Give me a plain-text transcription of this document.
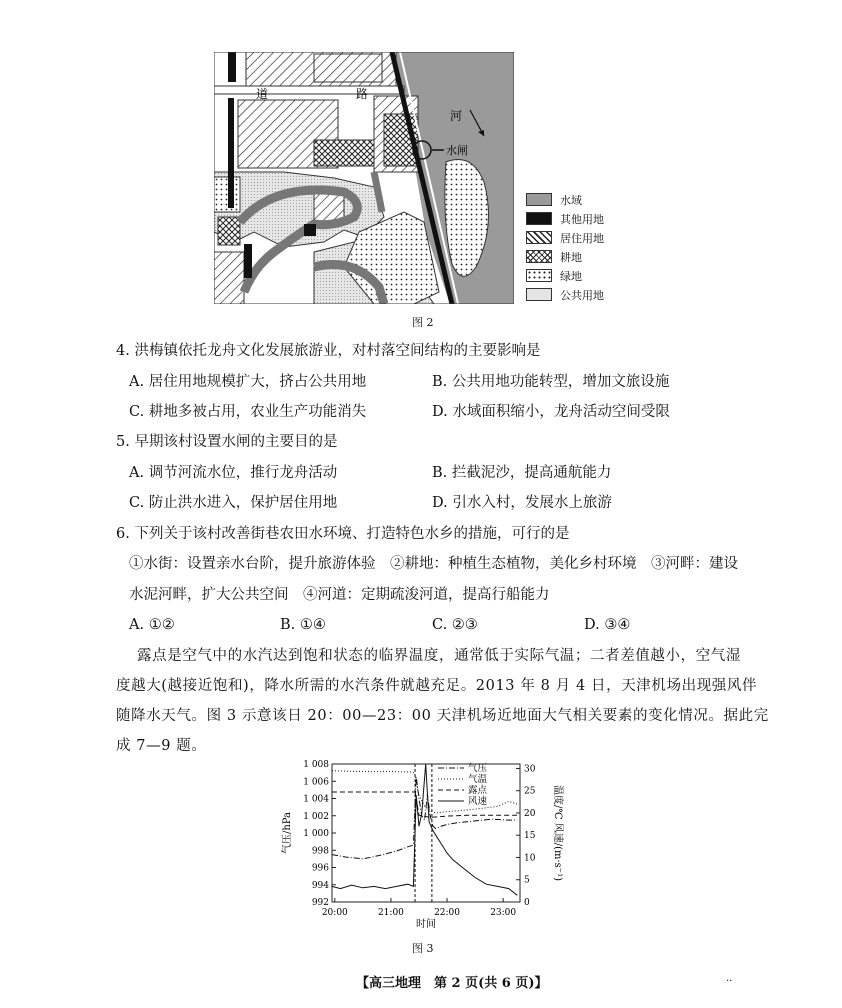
道	路
河
水闸
水域
其他用地
居住用地
耕地
绿地
公共用地
图 2
4. 洪梅镇依托龙舟文化发展旅游业，对村落空间结构的主要影响是
A. 居住用地规模扩大，挤占公共用地	B. 公共用地功能转型，增加文旅设施
C. 耕地多被占用，农业生产功能消失	D. 水域面积缩小，龙舟活动空间受限
5. 早期该村设置水闸的主要目的是
A. 调节河流水位，推行龙舟活动	B. 拦截泥沙，提高通航能力
C. 防止洪水进入，保护居住用地	D. 引水入村，发展水上旅游
6. 下列关于该村改善街巷农田水环境、打造特色水乡的措施，可行的是
①水街：设置亲水台阶，提升旅游体验　②耕地：种植生态植物，美化乡村环境　③河畔：建设
水泥河畔，扩大公共空间　④河道：定期疏浚河道，提高行船能力
A. ①②	B. ①④	C. ②③	D. ③④
露点是空气中的水汽达到饱和状态的临界温度，通常低于实际气温；二者差值越小，空气湿
度越大(越接近饱和)，降水所需的水汽条件就越充足。2013 年 8 月 4 日，天津机场出现强风伴
随降水天气。图 3 示意该日 20：00—23：00 天津机场近地面大气相关要素的变化情况。据此完
成 7—9 题。
992
994
996
998
1 000
1 002
1 004
1 006
1 008
0
5
10
15
20
25
30
20:00	21:00	22:00	23:00
时间
气压/hPa	温度/℃ 风速/(m·s⁻¹)
气压
气温
露点
风速
图 3
【高三地理　第 2 页(共 6 页)】	··
